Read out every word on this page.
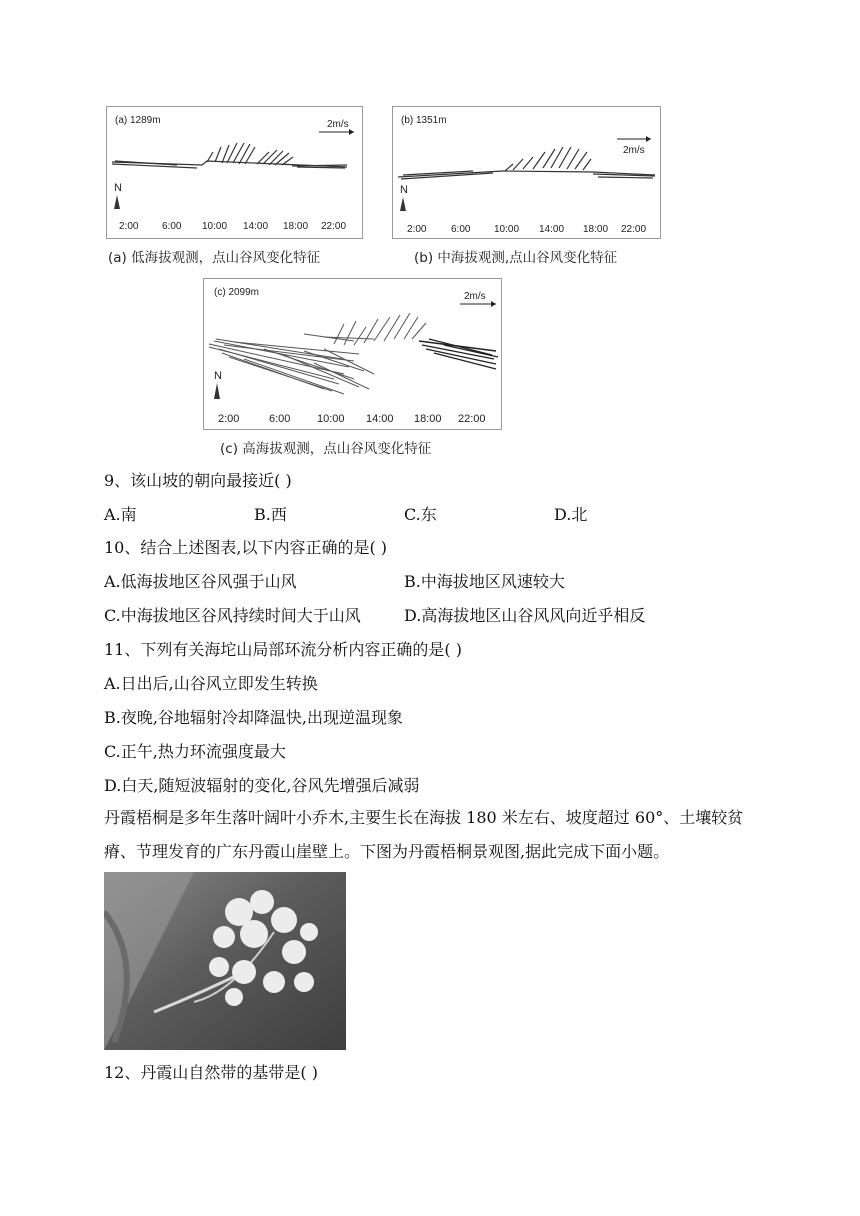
(a) 1289m	2m/s
N
2:00 6:00 10:00 14:00 18:00 22:00
(a) 低海拔观测，点山谷风变化特征
(b) 1351m
2m/s
N
2:00 6:00 10:00 14:00 18:00 22:00
(b) 中海拔观测,点山谷风变化特征
(c) 2099m	2m/s
N
2:00	6:00 10:00 14:00 18:00 22:00
(c) 高海拔观测，点山谷风变化特征
9、该山坡的朝向最接近( )
A.南	B.西	C.东	D.北
10、结合上述图表,以下内容正确的是( )
A.低海拔地区谷风强于山风	B.中海拔地区风速较大
C.中海拔地区谷风持续时间大于山风	D.高海拔地区山谷风风向近乎相反
11、下列有关海坨山局部环流分析内容正确的是( )
A.日出后,山谷风立即发生转换
B.夜晚,谷地辐射冷却降温快,出现逆温现象
C.正午,热力环流强度最大
D.白天,随短波辐射的变化,谷风先增强后减弱
丹霞梧桐是多年生落叶阔叶小乔木,主要生长在海拔 180 米左右、坡度超过 60°、土壤较贫瘠、节理发育的广东丹霞山崖壁上。下图为丹霞梧桐景观图,据此完成下面小题。
12、丹霞山自然带的基带是( )
